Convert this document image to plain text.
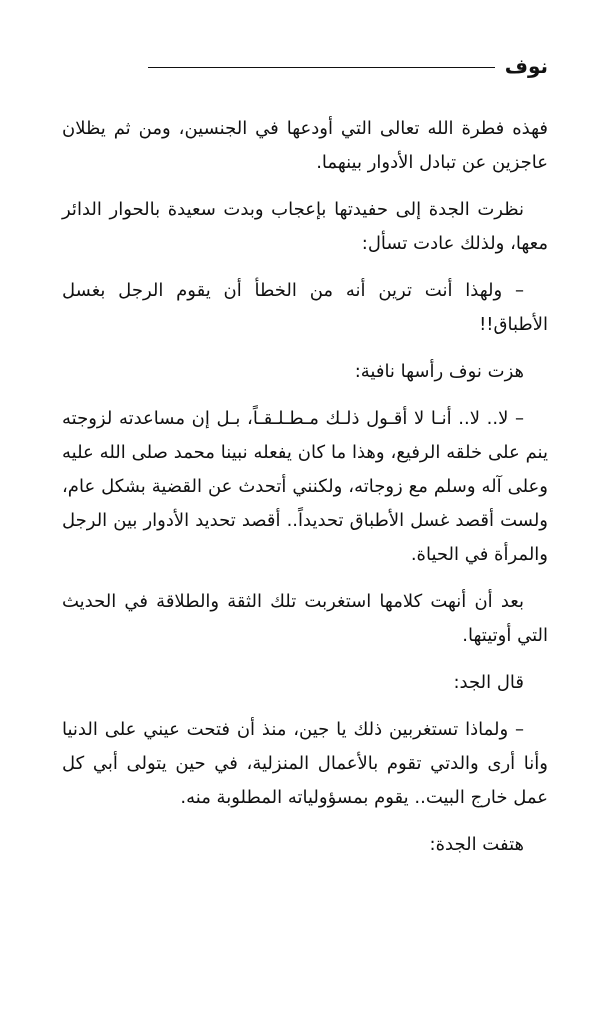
نوف

فهذه فطرة الله تعالى التي أودعها في الجنسين، ومن ثم يظلان عاجزين عن تبادل الأدوار بينهما.

نظرت الجدة إلى حفيدتها بإعجاب وبدت سعيدة بالحوار الدائر معها، ولذلك عادت تسأل:

– ولهذا أنت ترين أنه من الخطأ أن يقوم الرجل بغسل الأطباق!!

هزت نوف رأسها نافية:

– لا.. لا.. أنـا لا أقـول ذلـك مـطـلـقـاً، بـل إن مساعدته لزوجته ينم على خلقه الرفيع، وهذا ما كان يفعله نبينا محمد صلى الله عليه وعلى آله وسلم مع زوجاته، ولكنني أتحدث عن القضية بشكل عام، ولست أقصد غسل الأطباق تحديداً.. أقصد تحديد الأدوار بين الرجل والمرأة في الحياة.

بعد أن أنهت كلامها استغربت تلك الثقة والطلاقة في الحديث التي أوتيتها.

قال الجد:

– ولماذا تستغربين ذلك يا جين، منذ أن فتحت عيني على الدنيا وأنا أرى والدتي تقوم بالأعمال المنزلية، في حين يتولى أبي كل عمل خارج البيت.. يقوم بمسؤولياته المطلوبة منه.

هتفت الجدة:
